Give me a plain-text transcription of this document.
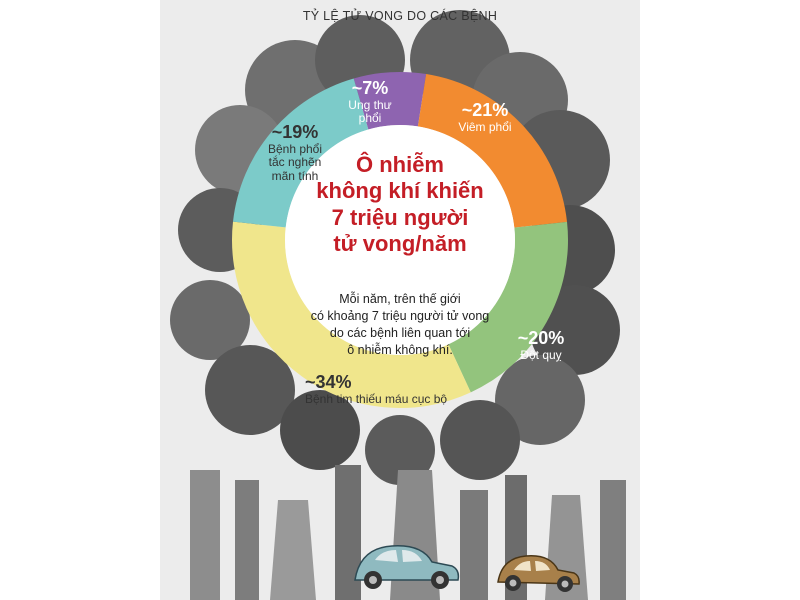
TỶ LỆ TỬ VONG DO CÁC BỆNH
Ô nhiễm
không khí khiến
7 triệu người
tử vong/năm
Mỗi năm, trên thế giới
có khoảng 7 triệu người tử vong
do các bệnh liên quan tới
ô nhiễm không khí.
~7%
Ung thư
phổi	~21%
Viêm phổi
~20%
Đột quỵ
~34%
Bệnh tim thiếu máu cục bộ
~19%
Bệnh phổi
tắc nghẽn
mãn tính
